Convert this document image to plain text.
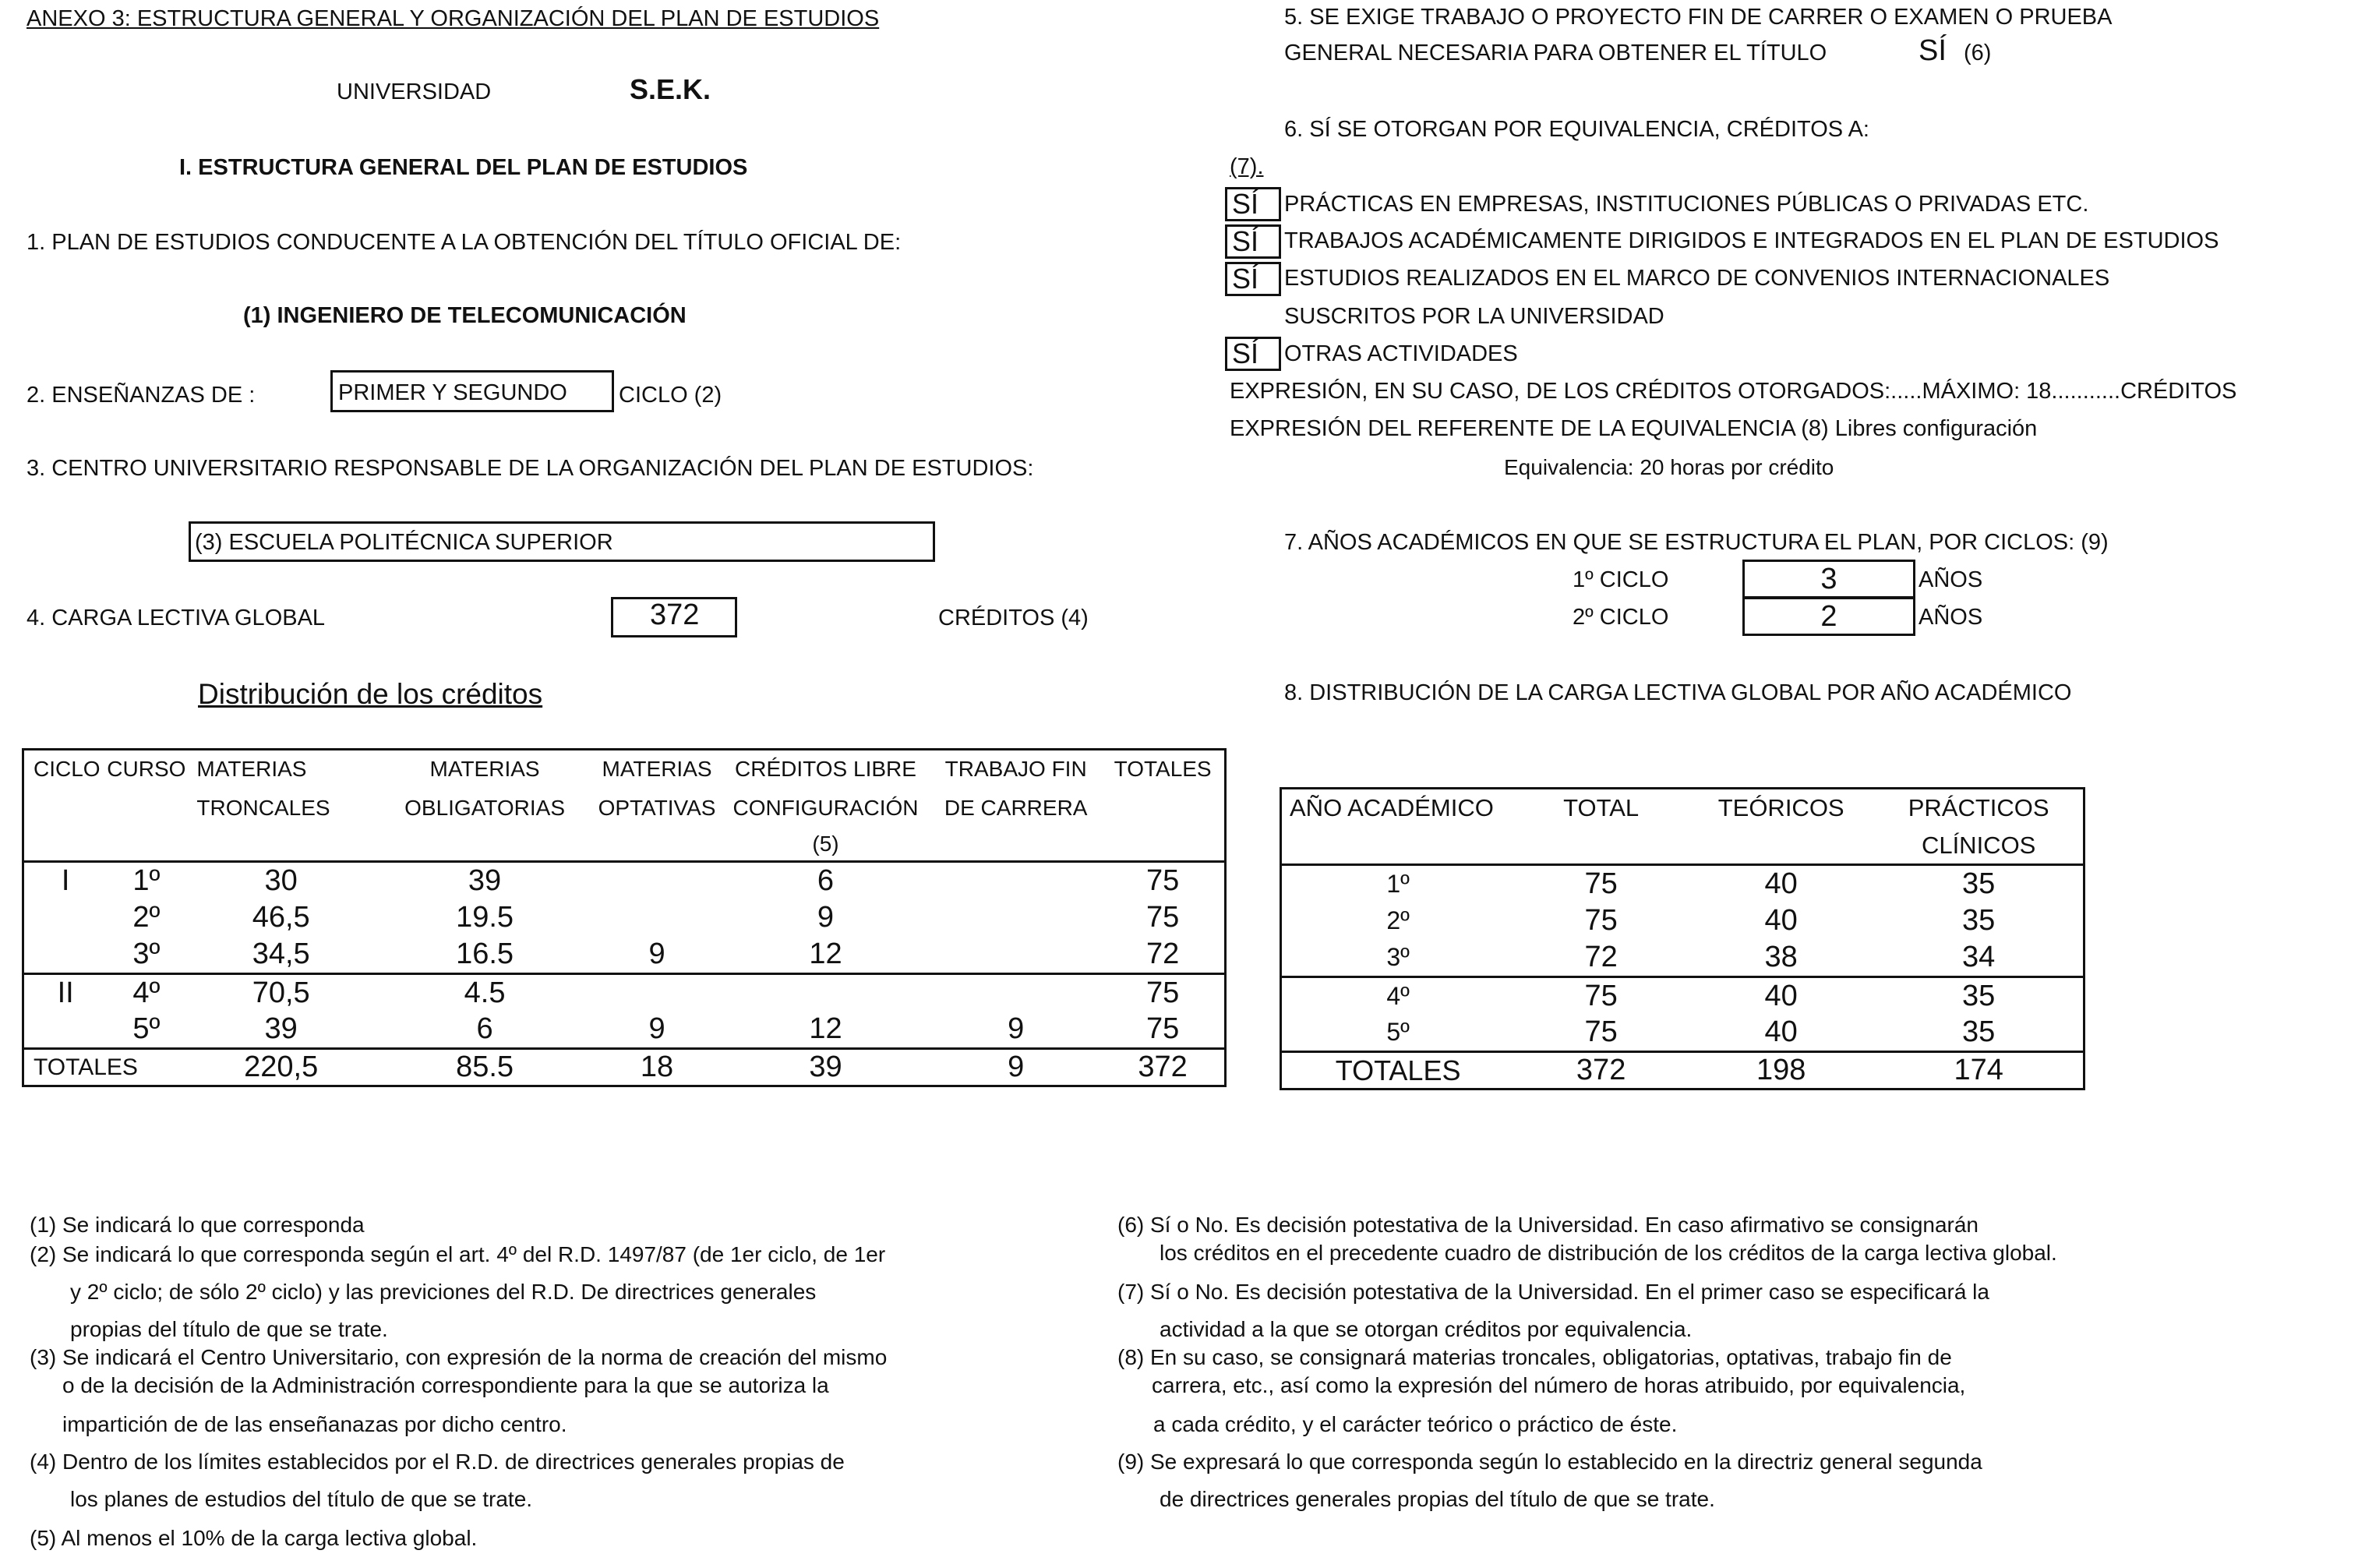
ANEXO 3: ESTRUCTURA GENERAL Y ORGANIZACIÓN DEL PLAN DE ESTUDIOS
UNIVERSIDAD	S.E.K.
I. ESTRUCTURA GENERAL DEL PLAN DE ESTUDIOS
1. PLAN DE ESTUDIOS CONDUCENTE A LA OBTENCIÓN DEL TÍTULO OFICIAL DE:
(1) INGENIERO DE TELECOMUNICACIÓN
2. ENSEÑANZAS DE :	PRIMER Y SEGUNDO CICLO (2)
3. CENTRO UNIVERSITARIO RESPONSABLE DE LA ORGANIZACIÓN DEL PLAN DE ESTUDIOS:
(3) ESCUELA POLITÉCNICA SUPERIOR
4. CARGA LECTIVA GLOBAL	372	CRÉDITOS (4)
Distribución de los créditos
CICLO	CURSO	MATERIAS	MATERIAS	MATERIAS	CRÉDITOS LIBRE	TRABAJO FIN	TOTALES
		TRONCALES	OBLIGATORIAS	OPTATIVAS	CONFIGURACIÓN	DE CARRERA	
					(5)		
I	1º	30	39		6		75
	2º	46,5	19.5		9		75
	3º	34,5	16.5	9	12		72
II	4º	70,5	4.5				75
	5º	39	6	9	12	9	75
TOTALES		220,5	85.5	18	39	9	372
5. SE EXIGE TRABAJO O PROYECTO FIN DE CARRER O EXAMEN O PRUEBA
GENERAL NECESARIA PARA OBTENER EL TÍTULO	SÍ (6)
6. SÍ SE OTORGAN POR EQUIVALENCIA, CRÉDITOS A:
(7).
SÍ	PRÁCTICAS EN EMPRESAS, INSTITUCIONES PÚBLICAS O PRIVADAS ETC.
SÍ	TRABAJOS ACADÉMICAMENTE DIRIGIDOS E INTEGRADOS EN EL PLAN DE ESTUDIOS
SÍ	ESTUDIOS REALIZADOS EN EL MARCO DE CONVENIOS INTERNACIONALES
SUSCRITOS POR LA UNIVERSIDAD
SÍ	OTRAS ACTIVIDADES
EXPRESIÓN, EN SU CASO, DE LOS CRÉDITOS OTORGADOS:.....MÁXIMO: 18...........CRÉDITOS
EXPRESIÓN DEL REFERENTE DE LA EQUIVALENCIA (8) Libres configuración
Equivalencia: 20 horas por crédito
7. AÑOS ACADÉMICOS EN QUE SE ESTRUCTURA EL PLAN, POR CICLOS: (9)
1º CICLO	3	AÑOS
2º CICLO	2	AÑOS
8. DISTRIBUCIÓN DE LA CARGA LECTIVA GLOBAL POR AÑO ACADÉMICO
AÑO ACADÉMICO	TOTAL	TEÓRICOS	PRÁCTICOS
			CLÍNICOS
1º	75	40	35
2º	75	40	35
3º	72	38	34
4º	75	40	35
5º	75	40	35
TOTALES	372	198	174
(1) Se indicará lo que corresponda
(2) Se indicará lo que corresponda según el art. 4º del R.D. 1497/87 (de 1er ciclo, de 1er
y 2º ciclo; de sólo 2º ciclo) y las previciones del R.D. De directrices generales
propias del título de que se trate.
(3) Se indicará el Centro Universitario, con expresión de la norma de creación del mismo
o de la decisión de la Administración correspondiente para la que se autoriza la
impartición de de las enseñanazas por dicho centro.
(4) Dentro de los límites establecidos por el R.D. de directrices generales propias de
los planes de estudios del título de que se trate.
(5) Al menos el 10% de la carga lectiva global.
(6) Sí o No. Es decisión potestativa de la Universidad. En caso afirmativo se consignarán
los créditos en el precedente cuadro de distribución de los créditos de la carga lectiva global.
(7) Sí o No. Es decisión potestativa de la Universidad. En el primer caso se especificará la
actividad a la que se otorgan créditos por equivalencia.
(8) En su caso, se consignará materias troncales, obligatorias, optativas, trabajo fin de
carrera, etc., así como la expresión del número de horas atribuido, por equivalencia,
a cada crédito, y el carácter teórico o práctico de éste.
(9) Se expresará lo que corresponda según lo establecido en la directriz general segunda
de directrices generales propias del título de que se trate.
